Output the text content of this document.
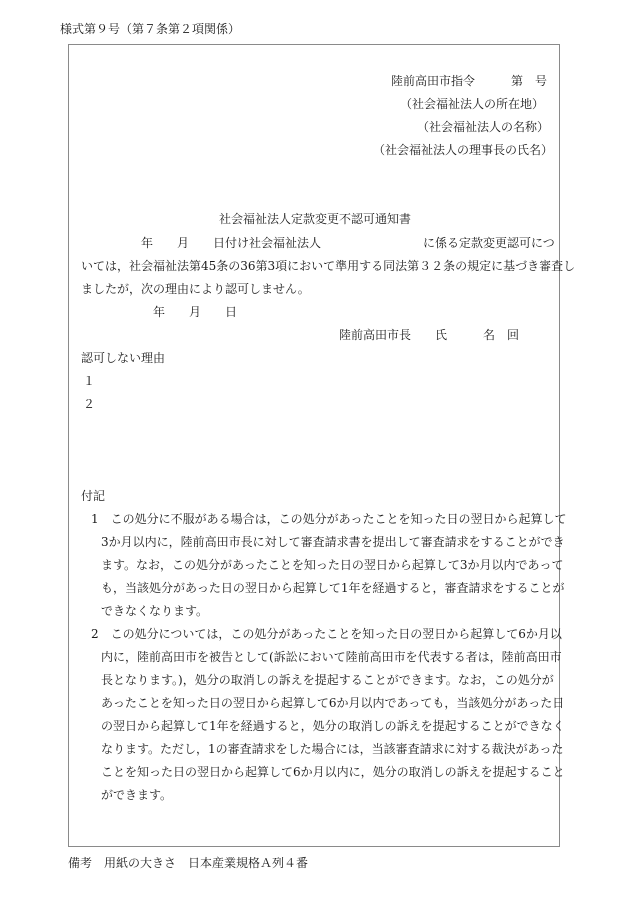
様式第９号（第７条第２項関係）
陸前高田市指令　　　第　号
（社会福祉法人の所在地）
（社会福祉法人の名称）
（社会福祉法人の理事長の氏名）
社会福祉法人定款変更不認可通知書
年　　月　　日付け社会福祉法人	に係る定款変更認可につ
いては，社会福祉法第45条の36第3項において準用する同法第３２条の規定に基づき審査し
ましたが，次の理由により認可しません。
年　　月　　日
陸前高田市長　　氏　　　名　回
認可しない理由
１
２
付記
1　この処分に不服がある場合は，この処分があったことを知った日の翌日から起算して
3か月以内に，陸前高田市長に対して審査請求書を提出して審査請求をすることができ
ます。なお，この処分があったことを知った日の翌日から起算して3か月以内であって
も，当該処分があった日の翌日から起算して1年を経過すると，審査請求をすることが
できなくなります。
2　この処分については，この処分があったことを知った日の翌日から起算して6か月以
内に，陸前高田市を被告として(訴訟において陸前高田市を代表する者は，陸前高田市
長となります。)，処分の取消しの訴えを提起することができます。なお，この処分が
あったことを知った日の翌日から起算して6か月以内であっても，当該処分があった日
の翌日から起算して1年を経過すると，処分の取消しの訴えを提起することができなく
なります。ただし，1の審査請求をした場合には，当該審査請求に対する裁決があった
ことを知った日の翌日から起算して6か月以内に，処分の取消しの訴えを提起すること
ができます。
備考　用紙の大きさ　日本産業規格Ａ列４番
